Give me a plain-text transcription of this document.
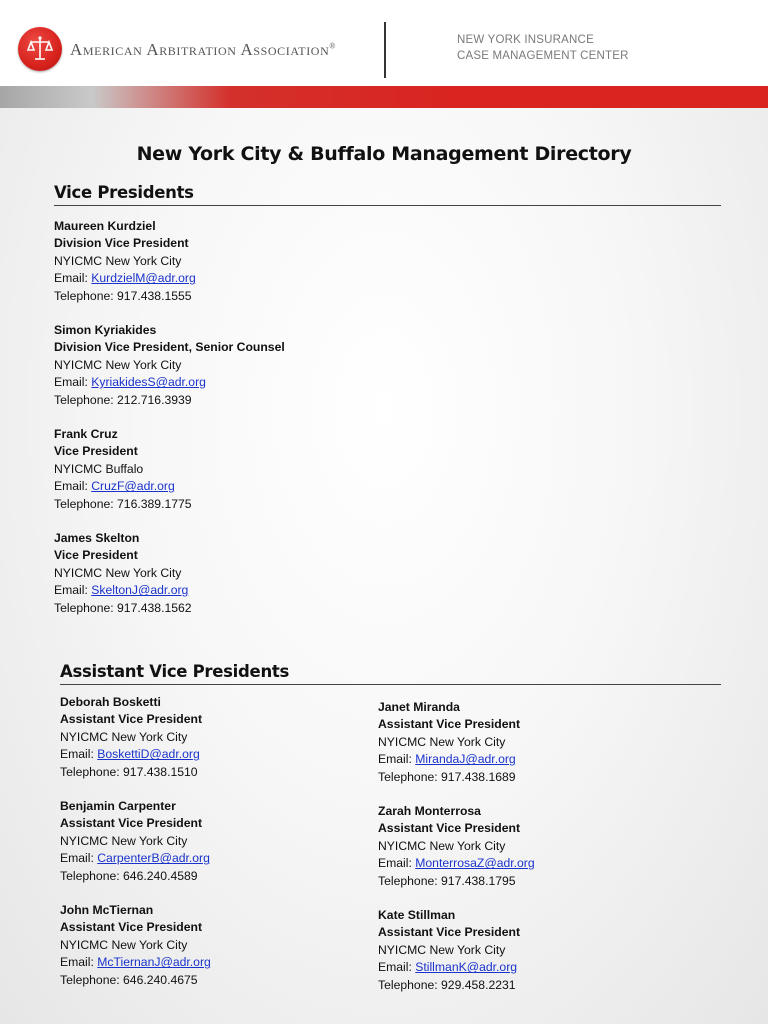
American Arbitration Association®	NEW YORK INSURANCE
CASE MANAGEMENT CENTER
New York City & Buffalo Management Directory
Vice Presidents
Maureen Kurdziel
Division Vice President
NYICMC New York City
Email: KurdzielM@adr.org
Telephone: 917.438.1555
Simon Kyriakides
Division Vice President, Senior Counsel
NYICMC New York City
Email: KyriakidesS@adr.org
Telephone: 212.716.3939
Frank Cruz
Vice President
NYICMC Buffalo
Email: CruzF@adr.org
Telephone: 716.389.1775
James Skelton
Vice President
NYICMC New York City
Email: SkeltonJ@adr.org
Telephone: 917.438.1562
Assistant Vice Presidents
Deborah Bosketti
Assistant Vice President
NYICMC New York City
Email: BoskettiD@adr.org
Telephone: 917.438.1510
Benjamin Carpenter
Assistant Vice President
NYICMC New York City
Email: CarpenterB@adr.org
Telephone: 646.240.4589
John McTiernan
Assistant Vice President
NYICMC New York City
Email: McTiernanJ@adr.org
Telephone: 646.240.4675
Janet Miranda
Assistant Vice President
NYICMC New York City
Email: MirandaJ@adr.org
Telephone: 917.438.1689
Zarah Monterrosa
Assistant Vice President
NYICMC New York City
Email: MonterrosaZ@adr.org
Telephone: 917.438.1795
Kate Stillman
Assistant Vice President
NYICMC New York City
Email: StillmanK@adr.org
Telephone: 929.458.2231
